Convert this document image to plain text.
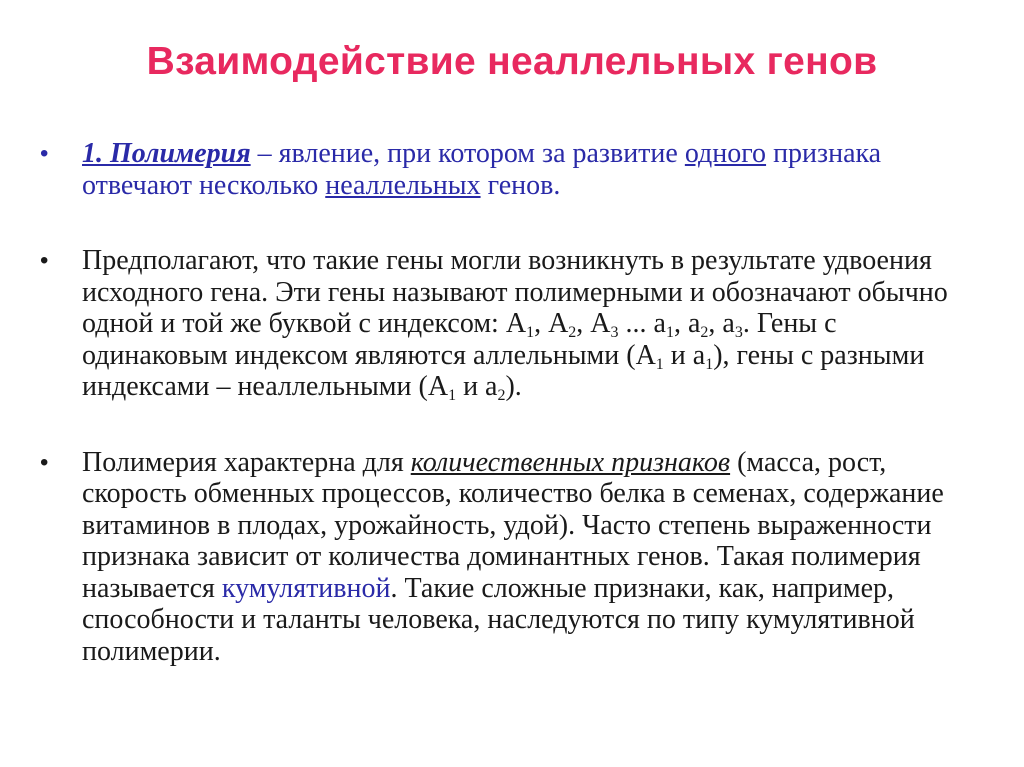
Взаимодействие неаллельных генов
• 1. Полимерия – явление, при котором за развитие одного признака отвечают несколько неаллельных генов.
• Предполагают, что такие гены могли возникнуть в результате удвоения исходного гена. Эти гены называют полимерными и обозначают обычно одной и той же буквой с индексом: $А_1$, $А_2$, $А_3$ ... $а_1$, $а_2$, $а_3$. Гены с одинаковым индексом являются аллельными ($А_1$ и $а_1$), гены с разными индексами – неаллельными ($А_1$ и $а_2$).
• Полимерия характерна для количественных признаков (масса, рост, скорость обменных процессов, количество белка в семенах, содержание витаминов в плодах, урожайность, удой). Часто степень выраженности признака зависит от количества доминантных генов. Такая полимерия называется кумулятивной. Такие сложные признаки, как, например, способности и таланты человека, наследуются по типу кумулятивной полимерии.
